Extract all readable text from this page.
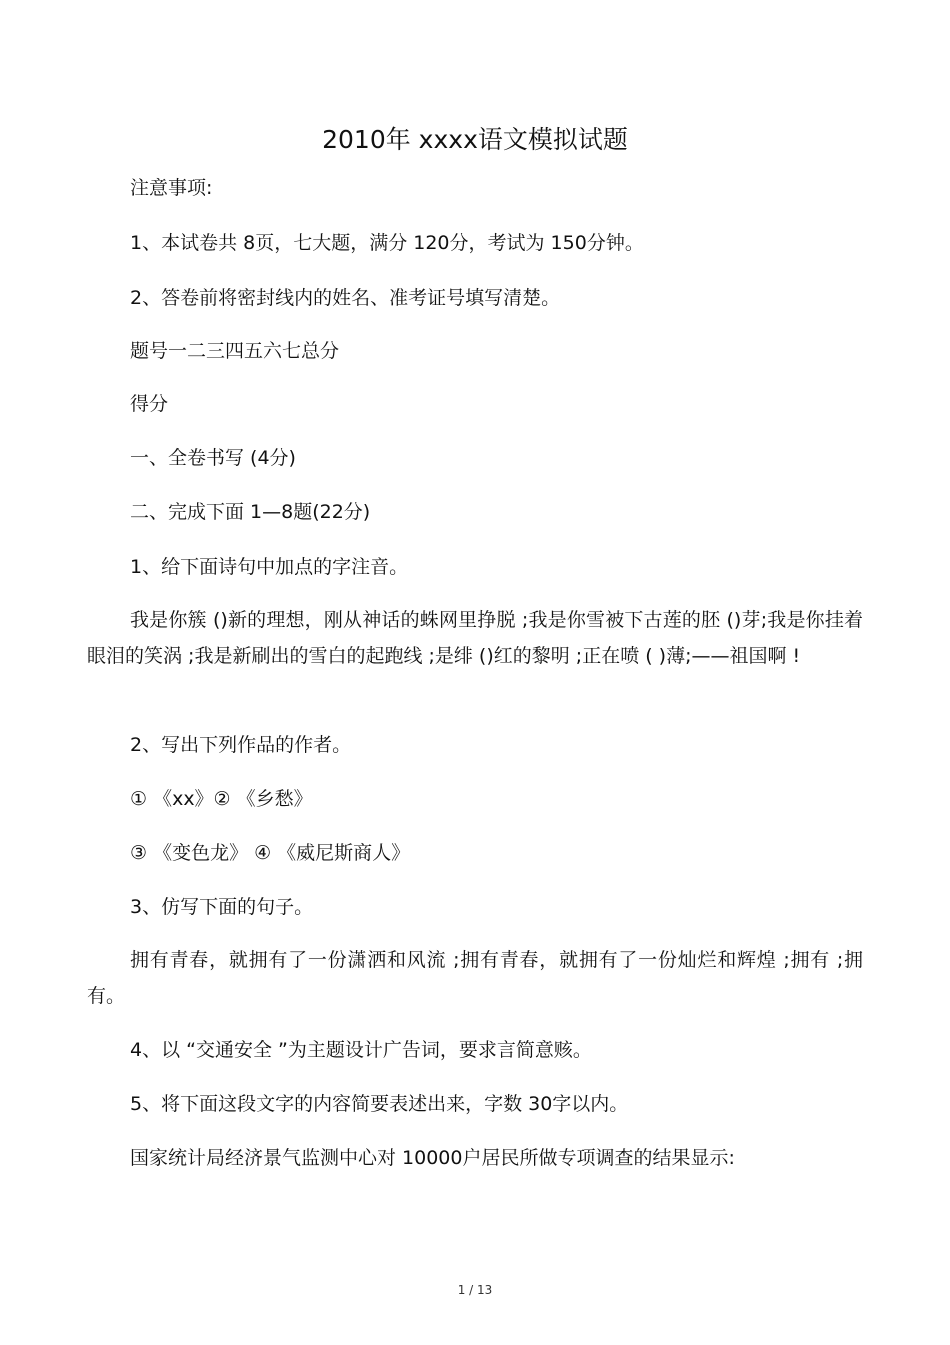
2010年 xxxx语文模拟试题

注意事项:

1、本试卷共 8页，七大题，满分 120分，考试为 150分钟。

2、答卷前将密封线内的姓名、准考证号填写清楚。

题号一二三四五六七总分

得分

一、全卷书写 (4分)

二、完成下面 1—8题(22分)

1、给下面诗句中加点的字注音。

我是你簇 ()新的理想，刚从神话的蛛网里挣脱 ;我是你雪被下古莲的胚 ()芽;我是你挂着眼泪的笑涡 ;我是新刷出的雪白的起跑线 ;是绯 ()红的黎明 ;正在喷 ( )薄;——祖国啊 !

2、写出下列作品的作者。

① 《xx》② 《乡愁》

③ 《变色龙》 ④ 《威尼斯商人》

3、仿写下面的句子。

拥有青春，就拥有了一份潇洒和风流 ;拥有青春，就拥有了一份灿烂和辉煌 ;拥有 ;拥有。

4、以 “交通安全 ”为主题设计广告词，要求言简意赅。

5、将下面这段文字的内容简要表述出来，字数 30字以内。

国家统计局经济景气监测中心对 10000户居民所做专项调查的结果显示:

1 / 13
